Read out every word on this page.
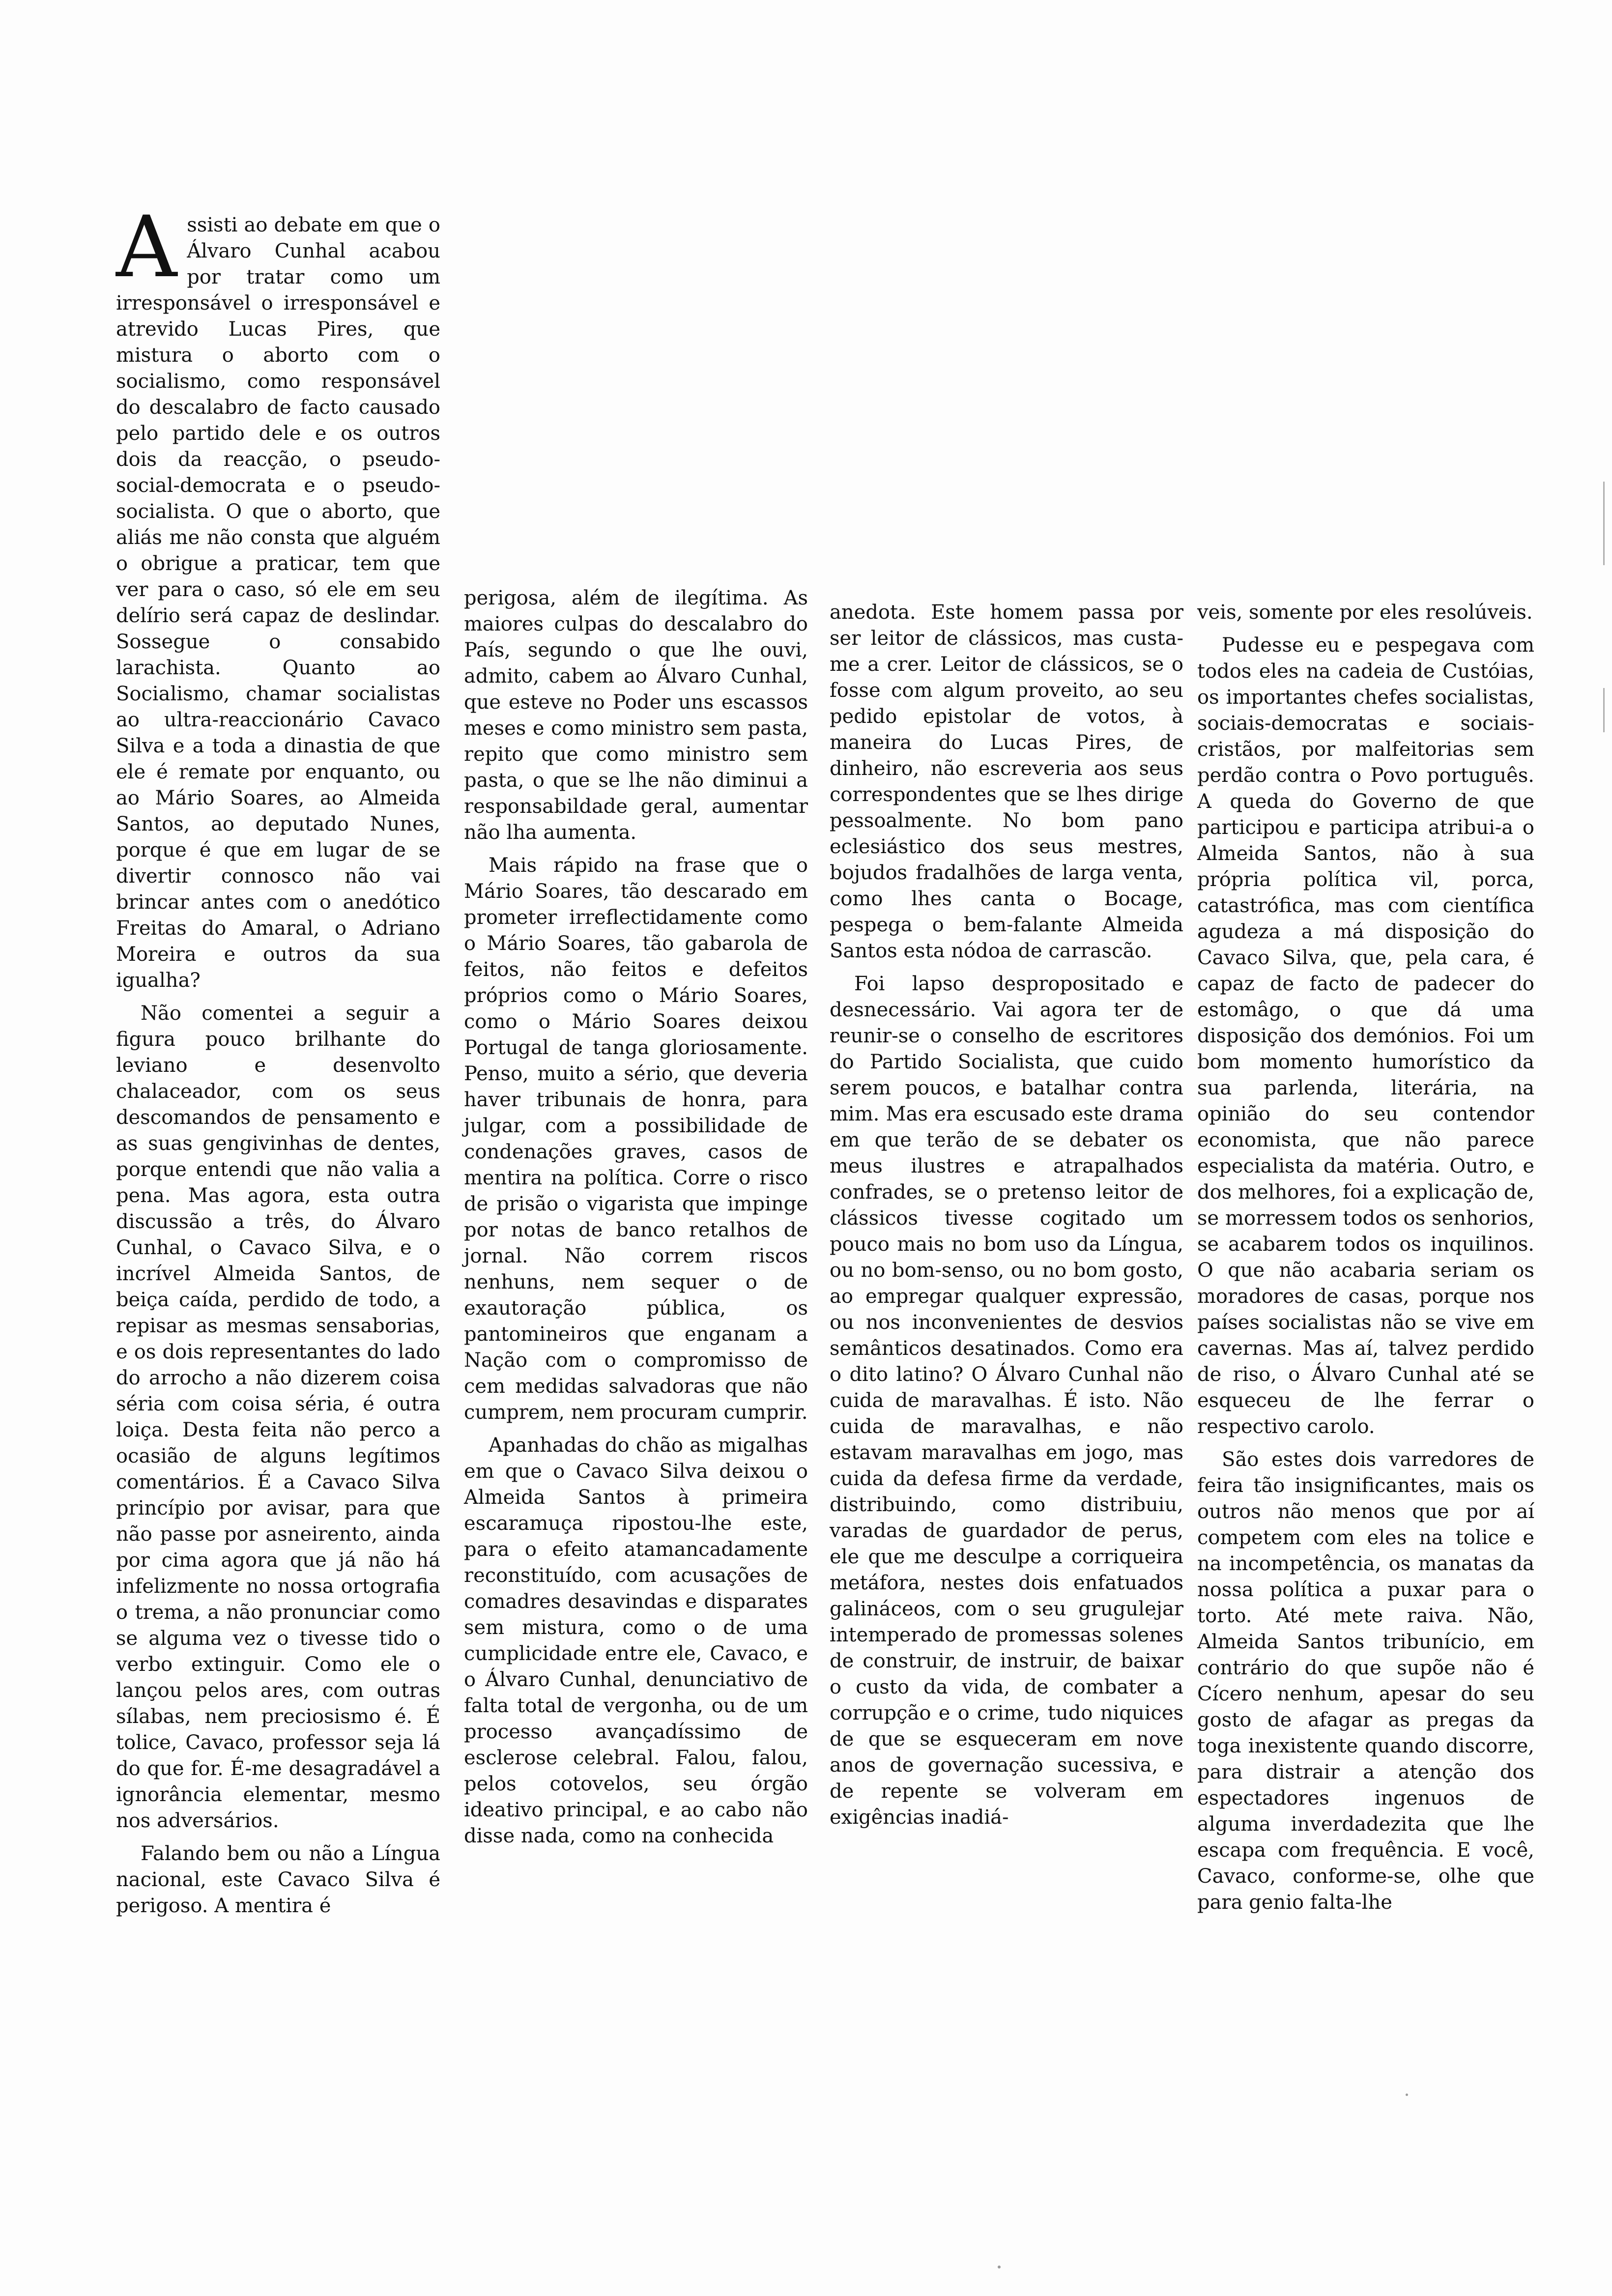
Assisti ao debate em que o Álvaro Cunhal acabou por tratar como um irresponsável o irresponsável e atrevido Lucas Pires, que mistura o aborto com o socialismo, como responsável do descalabro de facto causado pelo partido dele e os outros dois da reacção, o pseudo-social-democrata e o pseudo-socialista. O que o aborto, que aliás me não consta que alguém o obrigue a praticar, tem que ver para o caso, só ele em seu delírio será capaz de deslindar. Sossegue o consabido larachista. Quanto ao Socialismo, chamar socialistas ao ultra-reaccionário Cavaco Silva e a toda a dinastia de que ele é remate por enquanto, ou ao Mário Soares, ao Almeida Santos, ao deputado Nunes, porque é que em lugar de se divertir connosco não vai brincar antes com o anedótico Freitas do Amaral, o Adriano Moreira e outros da sua igualha?

Não comentei a seguir a figura pouco brilhante do leviano e desenvolto chalaceador, com os seus descomandos de pensamento e as suas gengivinhas de dentes, porque entendi que não valia a pena. Mas agora, esta outra discussão a três, do Álvaro Cunhal, o Cavaco Silva, e o incrível Almeida Santos, de beiça caída, perdido de todo, a repisar as mesmas sensaborias, e os dois representantes do lado do arrocho a não dizerem coisa séria com coisa séria, é outra loiça. Desta feita não perco a ocasião de alguns legítimos comentários. É a Cavaco Silva princípio por avisar, para que não passe por asneirento, ainda por cima agora que já não há infelizmente no nossa ortografia o trema, a não pronunciar como se alguma vez o tivesse tido o verbo extinguir. Como ele o lançou pelos ares, com outras sílabas, nem preciosismo é. É tolice, Cavaco, professor seja lá do que for. É-me desagradável a ignorância elementar, mesmo nos adversários.

Falando bem ou não a Língua nacional, este Cavaco Silva é perigoso. A mentira é

perigosa, além de ilegítima. As maiores culpas do descalabro do País, segundo o que lhe ouvi, admito, cabem ao Álvaro Cunhal, que esteve no Poder uns escassos meses e como ministro sem pasta, repito que como ministro sem pasta, o que se lhe não diminui a responsabildade geral, aumentar não lha aumenta.

Mais rápido na frase que o Mário Soares, tão descarado em prometer irreflectidamente como o Mário Soares, tão gabarola de feitos, não feitos e defeitos próprios como o Mário Soares, como o Mário Soares deixou Portugal de tanga gloriosamente. Penso, muito a sério, que deveria haver tribunais de honra, para julgar, com a possibilidade de condenações graves, casos de mentira na política. Corre o risco de prisão o vigarista que impinge por notas de banco retalhos de jornal. Não correm riscos nenhuns, nem sequer o de exautoração pública, os pantomineiros que enganam a Nação com o compromisso de cem medidas salvadoras que não cumprem, nem procuram cumprir.

Apanhadas do chão as migalhas em que o Cavaco Silva deixou o Almeida Santos à primeira escaramuça ripostou-lhe este, para o efeito atamancadamente reconstituído, com acusações de comadres desavindas e disparates sem mistura, como o de uma cumplicidade entre ele, Cavaco, e o Álvaro Cunhal, denunciativo de falta total de vergonha, ou de um processo avançadíssimo de esclerose celebral. Falou, falou, pelos cotovelos, seu órgão ideativo principal, e ao cabo não disse nada, como na conhecida

anedota. Este homem passa por ser leitor de clássicos, mas custa-me a crer. Leitor de clássicos, se o fosse com algum proveito, ao seu pedido epistolar de votos, à maneira do Lucas Pires, de dinheiro, não escreveria aos seus correspondentes que se lhes dirige pessoalmente. No bom pano eclesiástico dos seus mestres, bojudos fradalhões de larga venta, como lhes canta o Bocage, pespega o bem-falante Almeida Santos esta nódoa de carrascão.

Foi lapso despropositado e desnecessário. Vai agora ter de reunir-se o conselho de escritores do Partido Socialista, que cuido serem poucos, e batalhar contra mim. Mas era escusado este drama em que terão de se debater os meus ilustres e atrapalhados confrades, se o pretenso leitor de clássicos tivesse cogitado um pouco mais no bom uso da Língua, ou no bom-senso, ou no bom gosto, ao empregar qualquer expressão, ou nos inconvenientes de desvios semânticos desatinados. Como era o dito latino? O Álvaro Cunhal não cuida de maravalhas. É isto. Não cuida de maravalhas, e não estavam maravalhas em jogo, mas cuida da defesa firme da verdade, distribuindo, como distribuiu, varadas de guardador de perus, ele que me desculpe a corriqueira metáfora, nestes dois enfatuados galináceos, com o seu grugulejar intemperado de promessas solenes de construir, de instruir, de baixar o custo da vida, de combater a corrupção e o crime, tudo niquices de que se esqueceram em nove anos de governação sucessiva, e de repente se volveram em exigências inadiá-

veis, somente por eles resolúveis.

Pudesse eu e pespegava com todos eles na cadeia de Custóias, os importantes chefes socialistas, sociais-democratas e sociais-cristãos, por malfeitorias sem perdão contra o Povo português. A queda do Governo de que participou e participa atribui-a o Almeida Santos, não à sua própria política vil, porca, catastrófica, mas com científica agudeza a má disposição do Cavaco Silva, que, pela cara, é capaz de facto de padecer do estomâgo, o que dá uma disposição dos demónios. Foi um bom momento humorístico da sua parlenda, literária, na opinião do seu contendor economista, que não parece especialista da matéria. Outro, e dos melhores, foi a explicação de, se morressem todos os senhorios, se acabarem todos os inquilinos. O que não acabaria seriam os moradores de casas, porque nos países socialistas não se vive em cavernas. Mas aí, talvez perdido de riso, o Álvaro Cunhal até se esqueceu de lhe ferrar o respectivo carolo.

São estes dois varredores de feira tão insignificantes, mais os outros não menos que por aí competem com eles na tolice e na incompetência, os manatas da nossa política a puxar para o torto. Até mete raiva. Não, Almeida Santos tribunício, em contrário do que supõe não é Cícero nenhum, apesar do seu gosto de afagar as pregas da toga inexistente quando discorre, para distrair a atenção dos espectadores ingenuos de alguma inverdadezita que lhe escapa com frequência. E você, Cavaco, conforme-se, olhe que para genio falta-lhe
